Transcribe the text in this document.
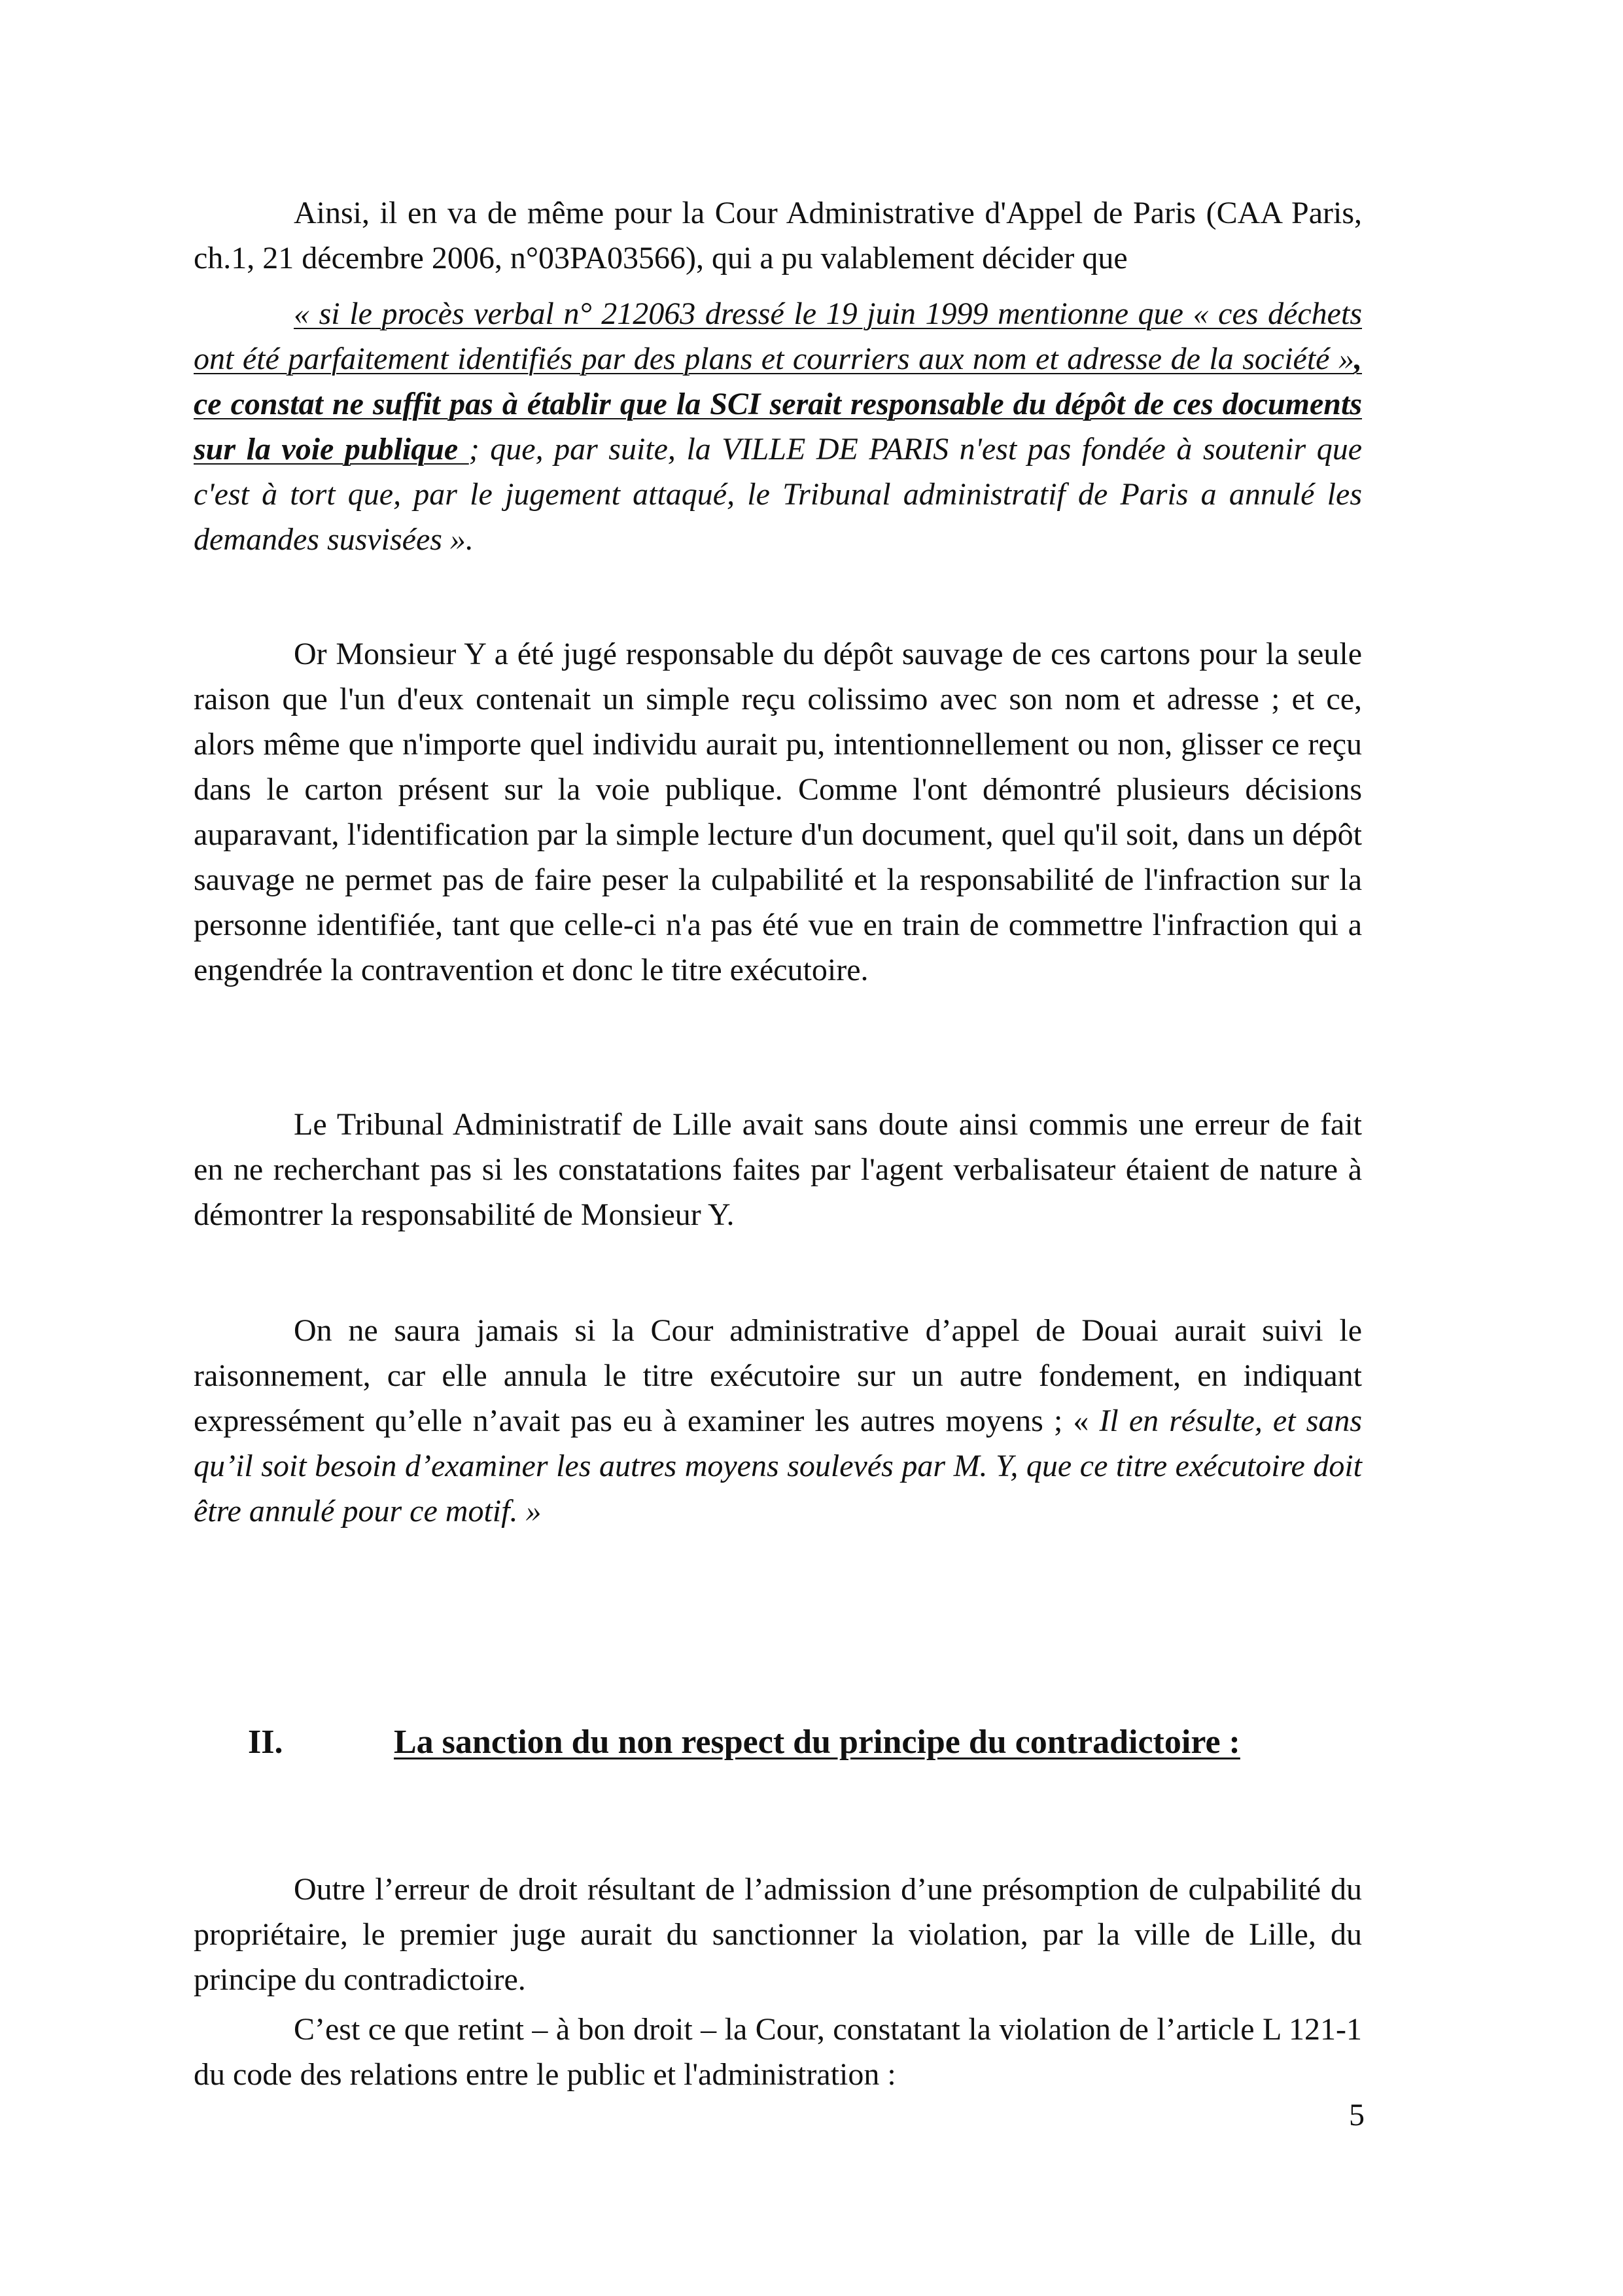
Ainsi, il en va de même pour la Cour Administrative d'Appel de Paris (CAA Paris, ch.1, 21 décembre 2006, n°03PA03566), qui a pu valablement décider que

« si le procès verbal n° 212063 dressé le 19 juin 1999 mentionne que « ces déchets ont été parfaitement identifiés par des plans et courriers aux nom et adresse de la société », ce constat ne suffit pas à établir que la SCI serait responsable du dépôt de ces documents sur la voie publique ; que, par suite, la VILLE DE PARIS n'est pas fondée à soutenir que c'est à tort que, par le jugement attaqué, le Tribunal administratif de Paris a annulé les demandes susvisées ».

Or Monsieur Y a été jugé responsable du dépôt sauvage de ces cartons pour la seule raison que l'un d'eux contenait un simple reçu colissimo avec son nom et adresse ; et ce, alors même que n'importe quel individu aurait pu, intentionnellement ou non, glisser ce reçu dans le carton présent sur la voie publique. Comme l'ont démontré plusieurs décisions auparavant, l'identification par la simple lecture d'un document, quel qu'il soit, dans un dépôt sauvage ne permet pas de faire peser la culpabilité et la responsabilité de l'infraction sur la personne identifiée, tant que celle-ci n'a pas été vue en train de commettre l'infraction qui a engendrée la contravention et donc le titre exécutoire.

Le Tribunal Administratif de Lille avait sans doute ainsi commis une erreur de fait en ne recherchant pas si les constatations faites par l'agent verbalisateur étaient de nature à démontrer la responsabilité de Monsieur Y.

On ne saura jamais si la Cour administrative d’appel de Douai aurait suivi le raisonnement, car elle annula le titre exécutoire sur un autre fondement, en indiquant expressément qu’elle n’avait pas eu à examiner les autres moyens ; « Il en résulte, et sans qu’il soit besoin d’examiner les autres moyens soulevés par M. Y, que ce titre exécutoire doit être annulé pour ce motif. »

II.	La sanction du non respect du principe du contradictoire :

Outre l’erreur de droit résultant de l’admission d’une présomption de culpabilité du propriétaire, le premier juge aurait du sanctionner la violation, par la ville de Lille, du principe du contradictoire.

C’est ce que retint – à bon droit – la Cour, constatant la violation de l’article L 121-1 du code des relations entre le public et l'administration :

5
